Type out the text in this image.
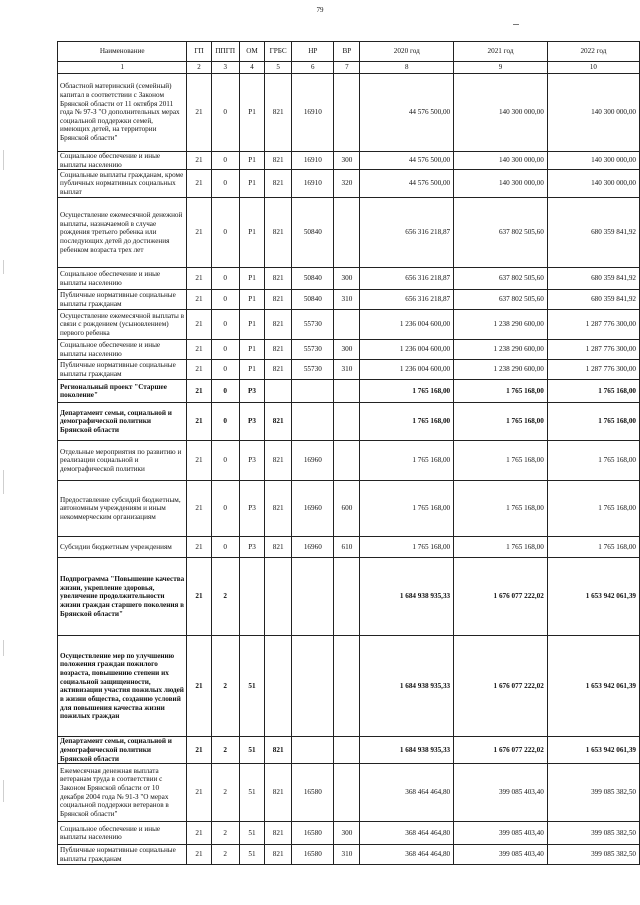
79
Наименование	ГП	ППГП	ОМ	ГРБС	НР	ВР	2020 год	2021 год	2022 год
1	2	3	4	5	6	7	8	9	10
Областной материнский (семейный) капитал в соответствии с Законом Брянской области от 11 октября 2011 года № 97-З "О дополнительных мерах социальной поддержки семей, имеющих детей, на территории Брянской области"	21	0	P1	821	16910		44 576 500,00	140 300 000,00	140 300 000,00
Социальное обеспечение и иные выплаты населению	21	0	P1	821	16910	300	44 576 500,00	140 300 000,00	140 300 000,00
Социальные выплаты гражданам, кроме публичных нормативных социальных выплат	21	0	P1	821	16910	320	44 576 500,00	140 300 000,00	140 300 000,00
Осуществление ежемесячной денежной выплаты, назначаемой в случае рождения третьего ребенка или последующих детей до достижения ребенком возраста трех лет	21	0	P1	821	50840		656 316 218,87	637 802 505,60	680 359 841,92
Социальное обеспечение и иные выплаты населению	21	0	P1	821	50840	300	656 316 218,87	637 802 505,60	680 359 841,92
Публичные нормативные социальные выплаты гражданам	21	0	P1	821	50840	310	656 316 218,87	637 802 505,60	680 359 841,92
Осуществление ежемесячной выплаты в связи с рождением (усыновлением) первого ребенка	21	0	P1	821	55730		1 236 004 600,00	1 238 290 600,00	1 287 776 300,00
Социальное обеспечение и иные выплаты населению	21	0	P1	821	55730	300	1 236 004 600,00	1 238 290 600,00	1 287 776 300,00
Публичные нормативные социальные выплаты гражданам	21	0	P1	821	55730	310	1 236 004 600,00	1 238 290 600,00	1 287 776 300,00
Региональный проект "Старшее поколение"	21	0	P3				1 765 168,00	1 765 168,00	1 765 168,00
Департамент семьи, социальной и демографической политики Брянской области	21	0	P3	821			1 765 168,00	1 765 168,00	1 765 168,00
Отдельные мероприятия по развитию и реализации социальной и демографической политики	21	0	P3	821	16960		1 765 168,00	1 765 168,00	1 765 168,00
Предоставление субсидий бюджетным, автономным учреждениям и иным некоммерческим организациям	21	0	P3	821	16960	600	1 765 168,00	1 765 168,00	1 765 168,00
Субсидии бюджетным учреждениям	21	0	P3	821	16960	610	1 765 168,00	1 765 168,00	1 765 168,00
Подпрограмма "Повышение качества жизни, укрепление здоровья, увеличение продолжительности жизни граждан старшего поколения в Брянской области"	21	2					1 684 938 935,33	1 676 077 222,02	1 653 942 061,39
Осуществление мер по улучшению положения граждан пожилого возраста, повышению степени их социальной защищенности, активизации участия пожилых людей в жизни общества, созданию условий для повышения качества жизни пожилых граждан	21	2	51				1 684 938 935,33	1 676 077 222,02	1 653 942 061,39
Департамент семьи, социальной и демографической политики Брянской области	21	2	51	821			1 684 938 935,33	1 676 077 222,02	1 653 942 061,39
Ежемесячная денежная выплата ветеранам труда в соответствии с Законом Брянской области от 10 декабря 2004 года № 91-З "О мерах социальной поддержки ветеранов в Брянской области"	21	2	51	821	16580		368 464 464,80	399 085 403,40	399 085 382,50
Социальное обеспечение и иные выплаты населению	21	2	51	821	16580	300	368 464 464,80	399 085 403,40	399 085 382,50
Публичные нормативные социальные выплаты гражданам	21	2	51	821	16580	310	368 464 464,80	399 085 403,40	399 085 382,50
